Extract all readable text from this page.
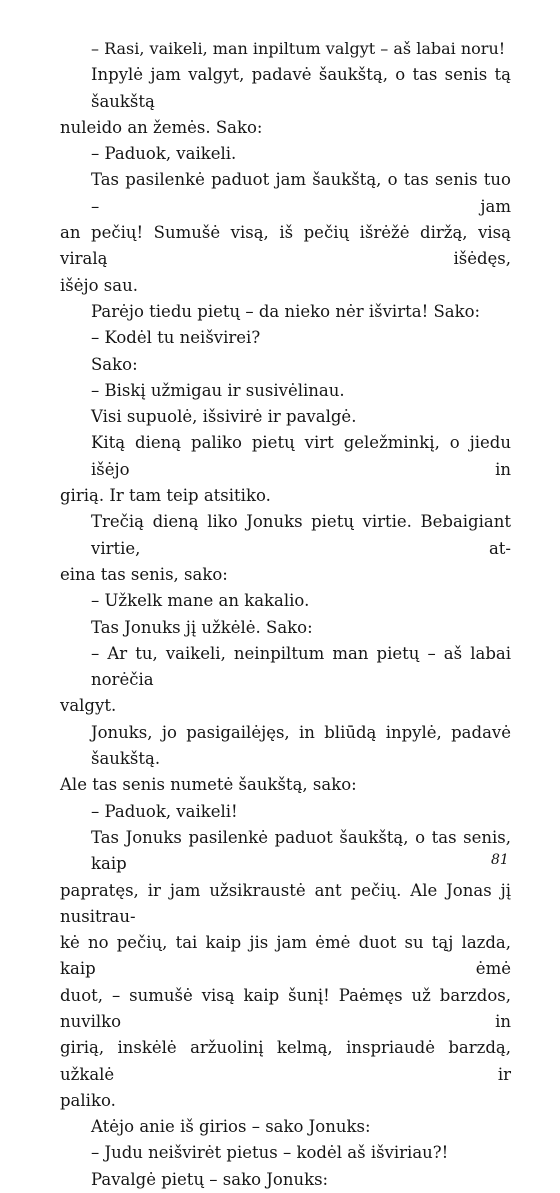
– Rasi, vaikeli, man inpiltum valgyt – aš labai noru!
Inpylė jam valgyt, padavė šaukštą, o tas senis tą šaukštą
nuleido an žemės. Sako:
– Paduok, vaikeli.
Tas pasilenkė paduot jam šaukštą, o tas senis tuo – jam
an pečių! Sumušė visą, iš pečių išrėžė diržą, visą viralą išėdęs,
išėjo sau.
Parėjo tiedu pietų – da nieko nėr išvirta! Sako:
– Kodėl tu neišvirei?
Sako:
– Biskį užmigau ir susivėlinau.
Visi supuolė, išsivirė ir pavalgė.
Kitą dieną paliko pietų virt geležminkį, o jiedu išėjo in
girią. Ir tam teip atsitiko.
Trečią dieną liko Jonuks pietų virtie. Bebaigiant virtie, at-
eina tas senis, sako:
– Užkelk mane an kakalio.
Tas Jonuks jį užkėlė. Sako:
– Ar tu, vaikeli, neinpiltum man pietų – aš labai norėčia
valgyt.
Jonuks, jo pasigailėjęs, in bliūdą inpylė, padavė šaukštą.
Ale tas senis numetė šaukštą, sako:
– Paduok, vaikeli!
Tas Jonuks pasilenkė paduot šaukštą, o tas senis, kaip
papratęs, ir jam užsikraustė ant pečių. Ale Jonas jį nusitrau-
kė no pečių, tai kaip jis jam ėmė duot su tąj lazda, kaip ėmė
duot, – sumušė visą kaip šunį! Paėmęs už barzdos, nuvilko in
girią, inskėlė aržuolinį kelmą, inspriaudė barzdą, užkalė ir
paliko.
Atėjo anie iš girios – sako Jonuks:
– Judu neišvirėt pietus – kodėl aš išviriau?!
Pavalgė pietų – sako Jonuks:
81
